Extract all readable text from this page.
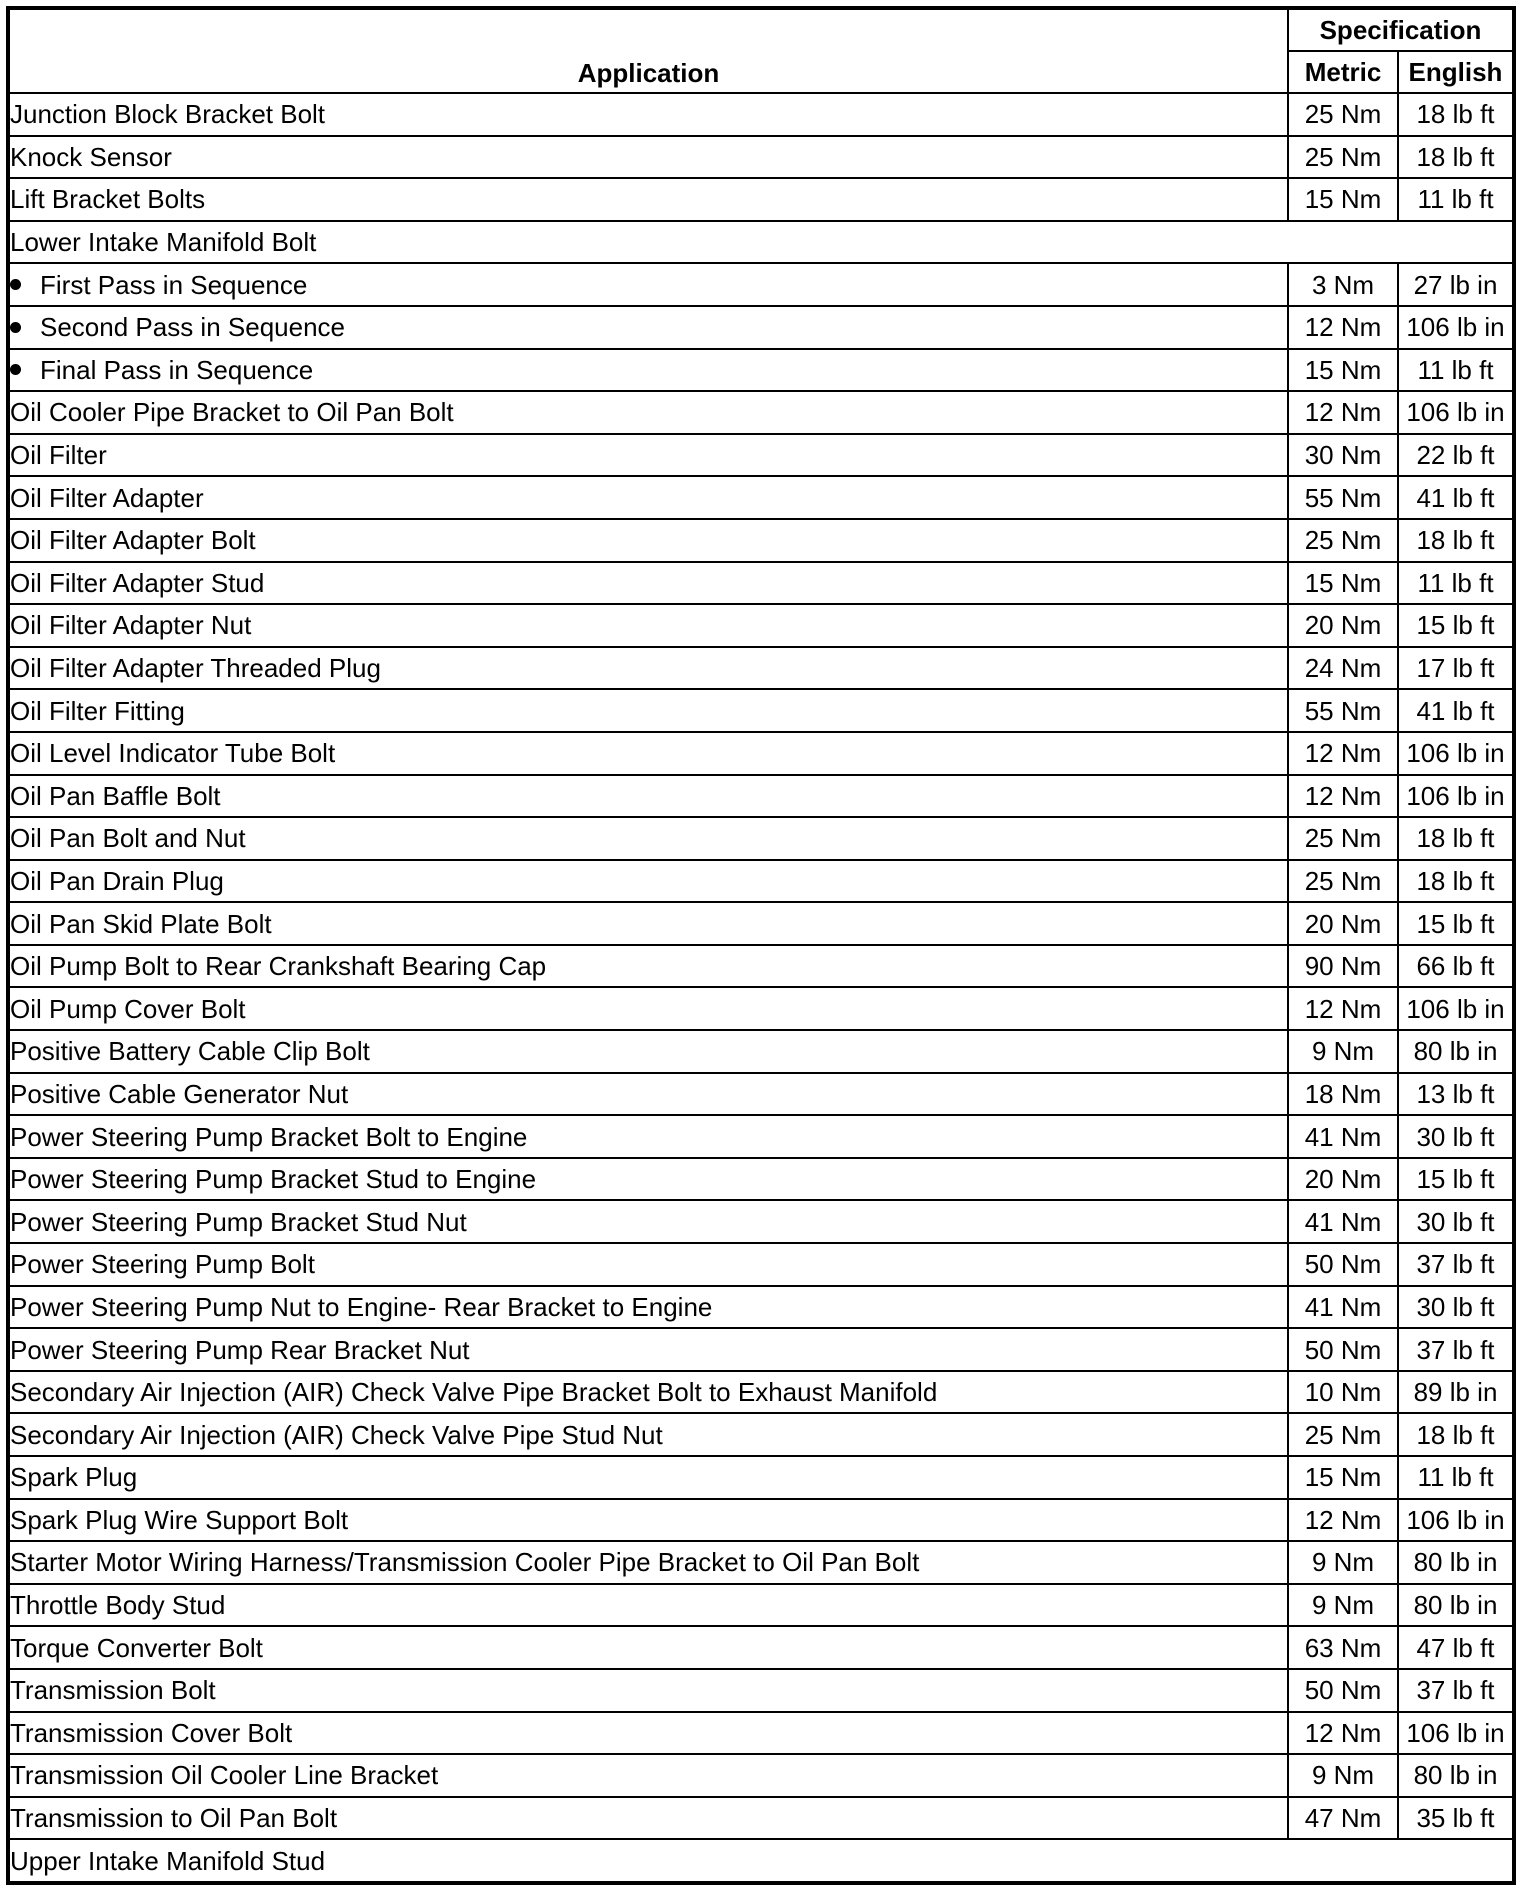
Application	Specification	
	Metric	English
Junction Block Bracket Bolt	25 Nm	18 lb ft
Knock Sensor	25 Nm	18 lb ft
Lift Bracket Bolts	15 Nm	11 lb ft
Lower Intake Manifold Bolt		
First Pass in Sequence	3 Nm	27 lb in
Second Pass in Sequence	12 Nm	106 lb in
Final Pass in Sequence	15 Nm	11 lb ft
Oil Cooler Pipe Bracket to Oil Pan Bolt	12 Nm	106 lb in
Oil Filter	30 Nm	22 lb ft
Oil Filter Adapter	55 Nm	41 lb ft
Oil Filter Adapter Bolt	25 Nm	18 lb ft
Oil Filter Adapter Stud	15 Nm	11 lb ft
Oil Filter Adapter Nut	20 Nm	15 lb ft
Oil Filter Adapter Threaded Plug	24 Nm	17 lb ft
Oil Filter Fitting	55 Nm	41 lb ft
Oil Level Indicator Tube Bolt	12 Nm	106 lb in
Oil Pan Baffle Bolt	12 Nm	106 lb in
Oil Pan Bolt and Nut	25 Nm	18 lb ft
Oil Pan Drain Plug	25 Nm	18 lb ft
Oil Pan Skid Plate Bolt	20 Nm	15 lb ft
Oil Pump Bolt to Rear Crankshaft Bearing Cap	90 Nm	66 lb ft
Oil Pump Cover Bolt	12 Nm	106 lb in
Positive Battery Cable Clip Bolt	9 Nm	80 lb in
Positive Cable Generator Nut	18 Nm	13 lb ft
Power Steering Pump Bracket Bolt to Engine	41 Nm	30 lb ft
Power Steering Pump Bracket Stud to Engine	20 Nm	15 lb ft
Power Steering Pump Bracket Stud Nut	41 Nm	30 lb ft
Power Steering Pump Bolt	50 Nm	37 lb ft
Power Steering Pump Nut to Engine- Rear Bracket to Engine	41 Nm	30 lb ft
Power Steering Pump Rear Bracket Nut	50 Nm	37 lb ft
Secondary Air Injection (AIR) Check Valve Pipe Bracket Bolt to Exhaust Manifold	10 Nm	89 lb in
Secondary Air Injection (AIR) Check Valve Pipe Stud Nut	25 Nm	18 lb ft
Spark Plug	15 Nm	11 lb ft
Spark Plug Wire Support Bolt	12 Nm	106 lb in
Starter Motor Wiring Harness/Transmission Cooler Pipe Bracket to Oil Pan Bolt	9 Nm	80 lb in
Throttle Body Stud	9 Nm	80 lb in
Torque Converter Bolt	63 Nm	47 lb ft
Transmission Bolt	50 Nm	37 lb ft
Transmission Cover Bolt	12 Nm	106 lb in
Transmission Oil Cooler Line Bracket	9 Nm	80 lb in
Transmission to Oil Pan Bolt	47 Nm	35 lb ft
Upper Intake Manifold Stud		
